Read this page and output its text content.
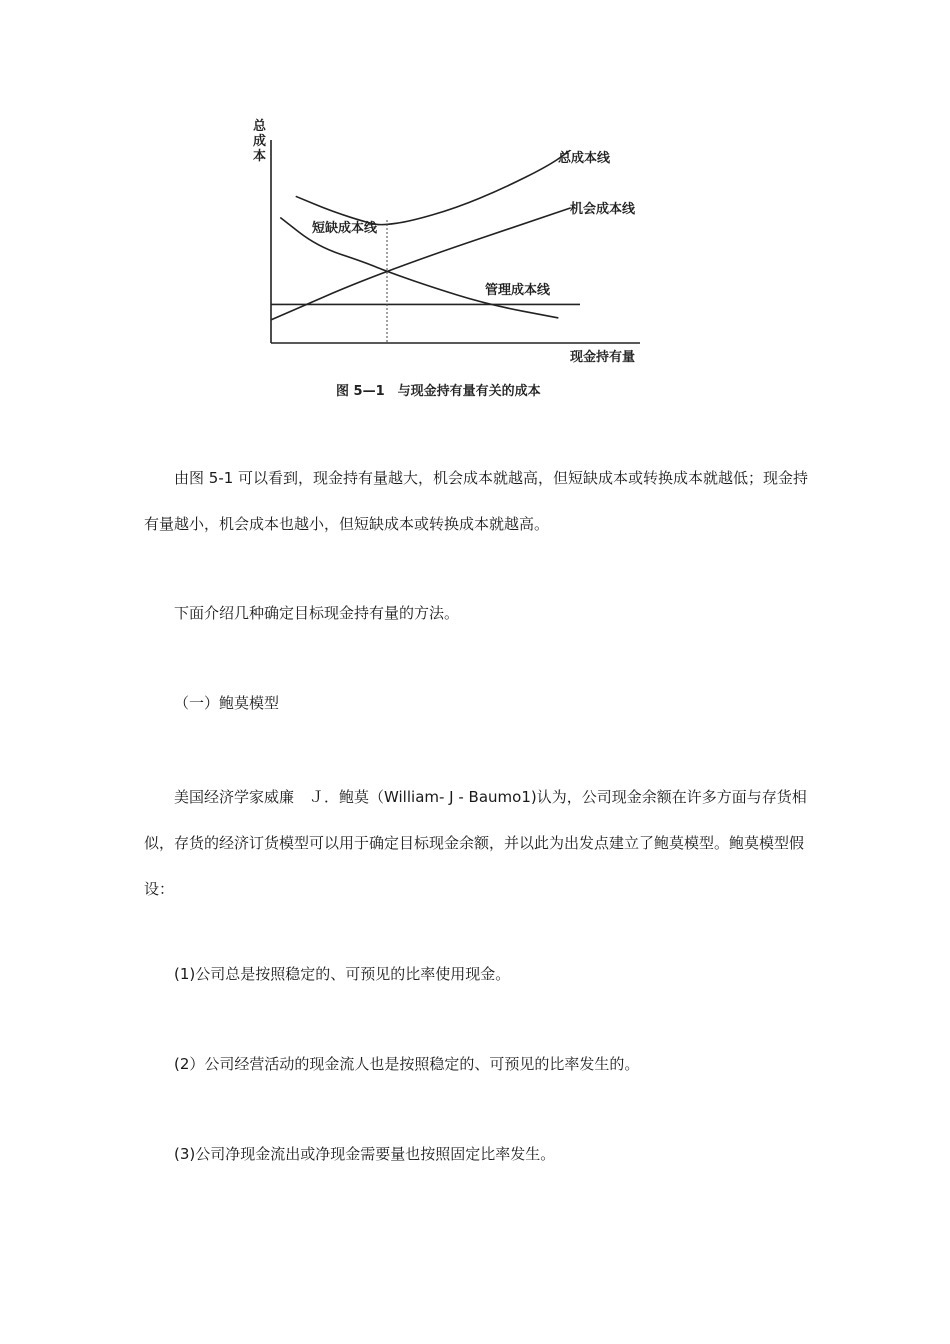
总成本	总成本线
机会成本线
短缺成本线
管理成本线
现金持有量
图 5—1　与现金持有量有关的成本

由图 5-1 可以看到，现金持有量越大，机会成本就越高，但短缺成本或转换成本就越低；现金持有量越小，机会成本也越小，但短缺成本或转换成本就越高。

下面介绍几种确定目标现金持有量的方法。

（一）鲍莫模型

美国经济学家威廉　Ｊ．鲍莫（William- J - Baumo1)认为，公司现金余额在许多方面与存货相似，存货的经济订货模型可以用于确定目标现金余额，并以此为出发点建立了鲍莫模型。鲍莫模型假设：

(1)公司总是按照稳定的、可预见的比率使用现金。

(2）公司经营活动的现金流人也是按照稳定的、可预见的比率发生的。

(3)公司净现金流出或净现金需要量也按照固定比率发生。
